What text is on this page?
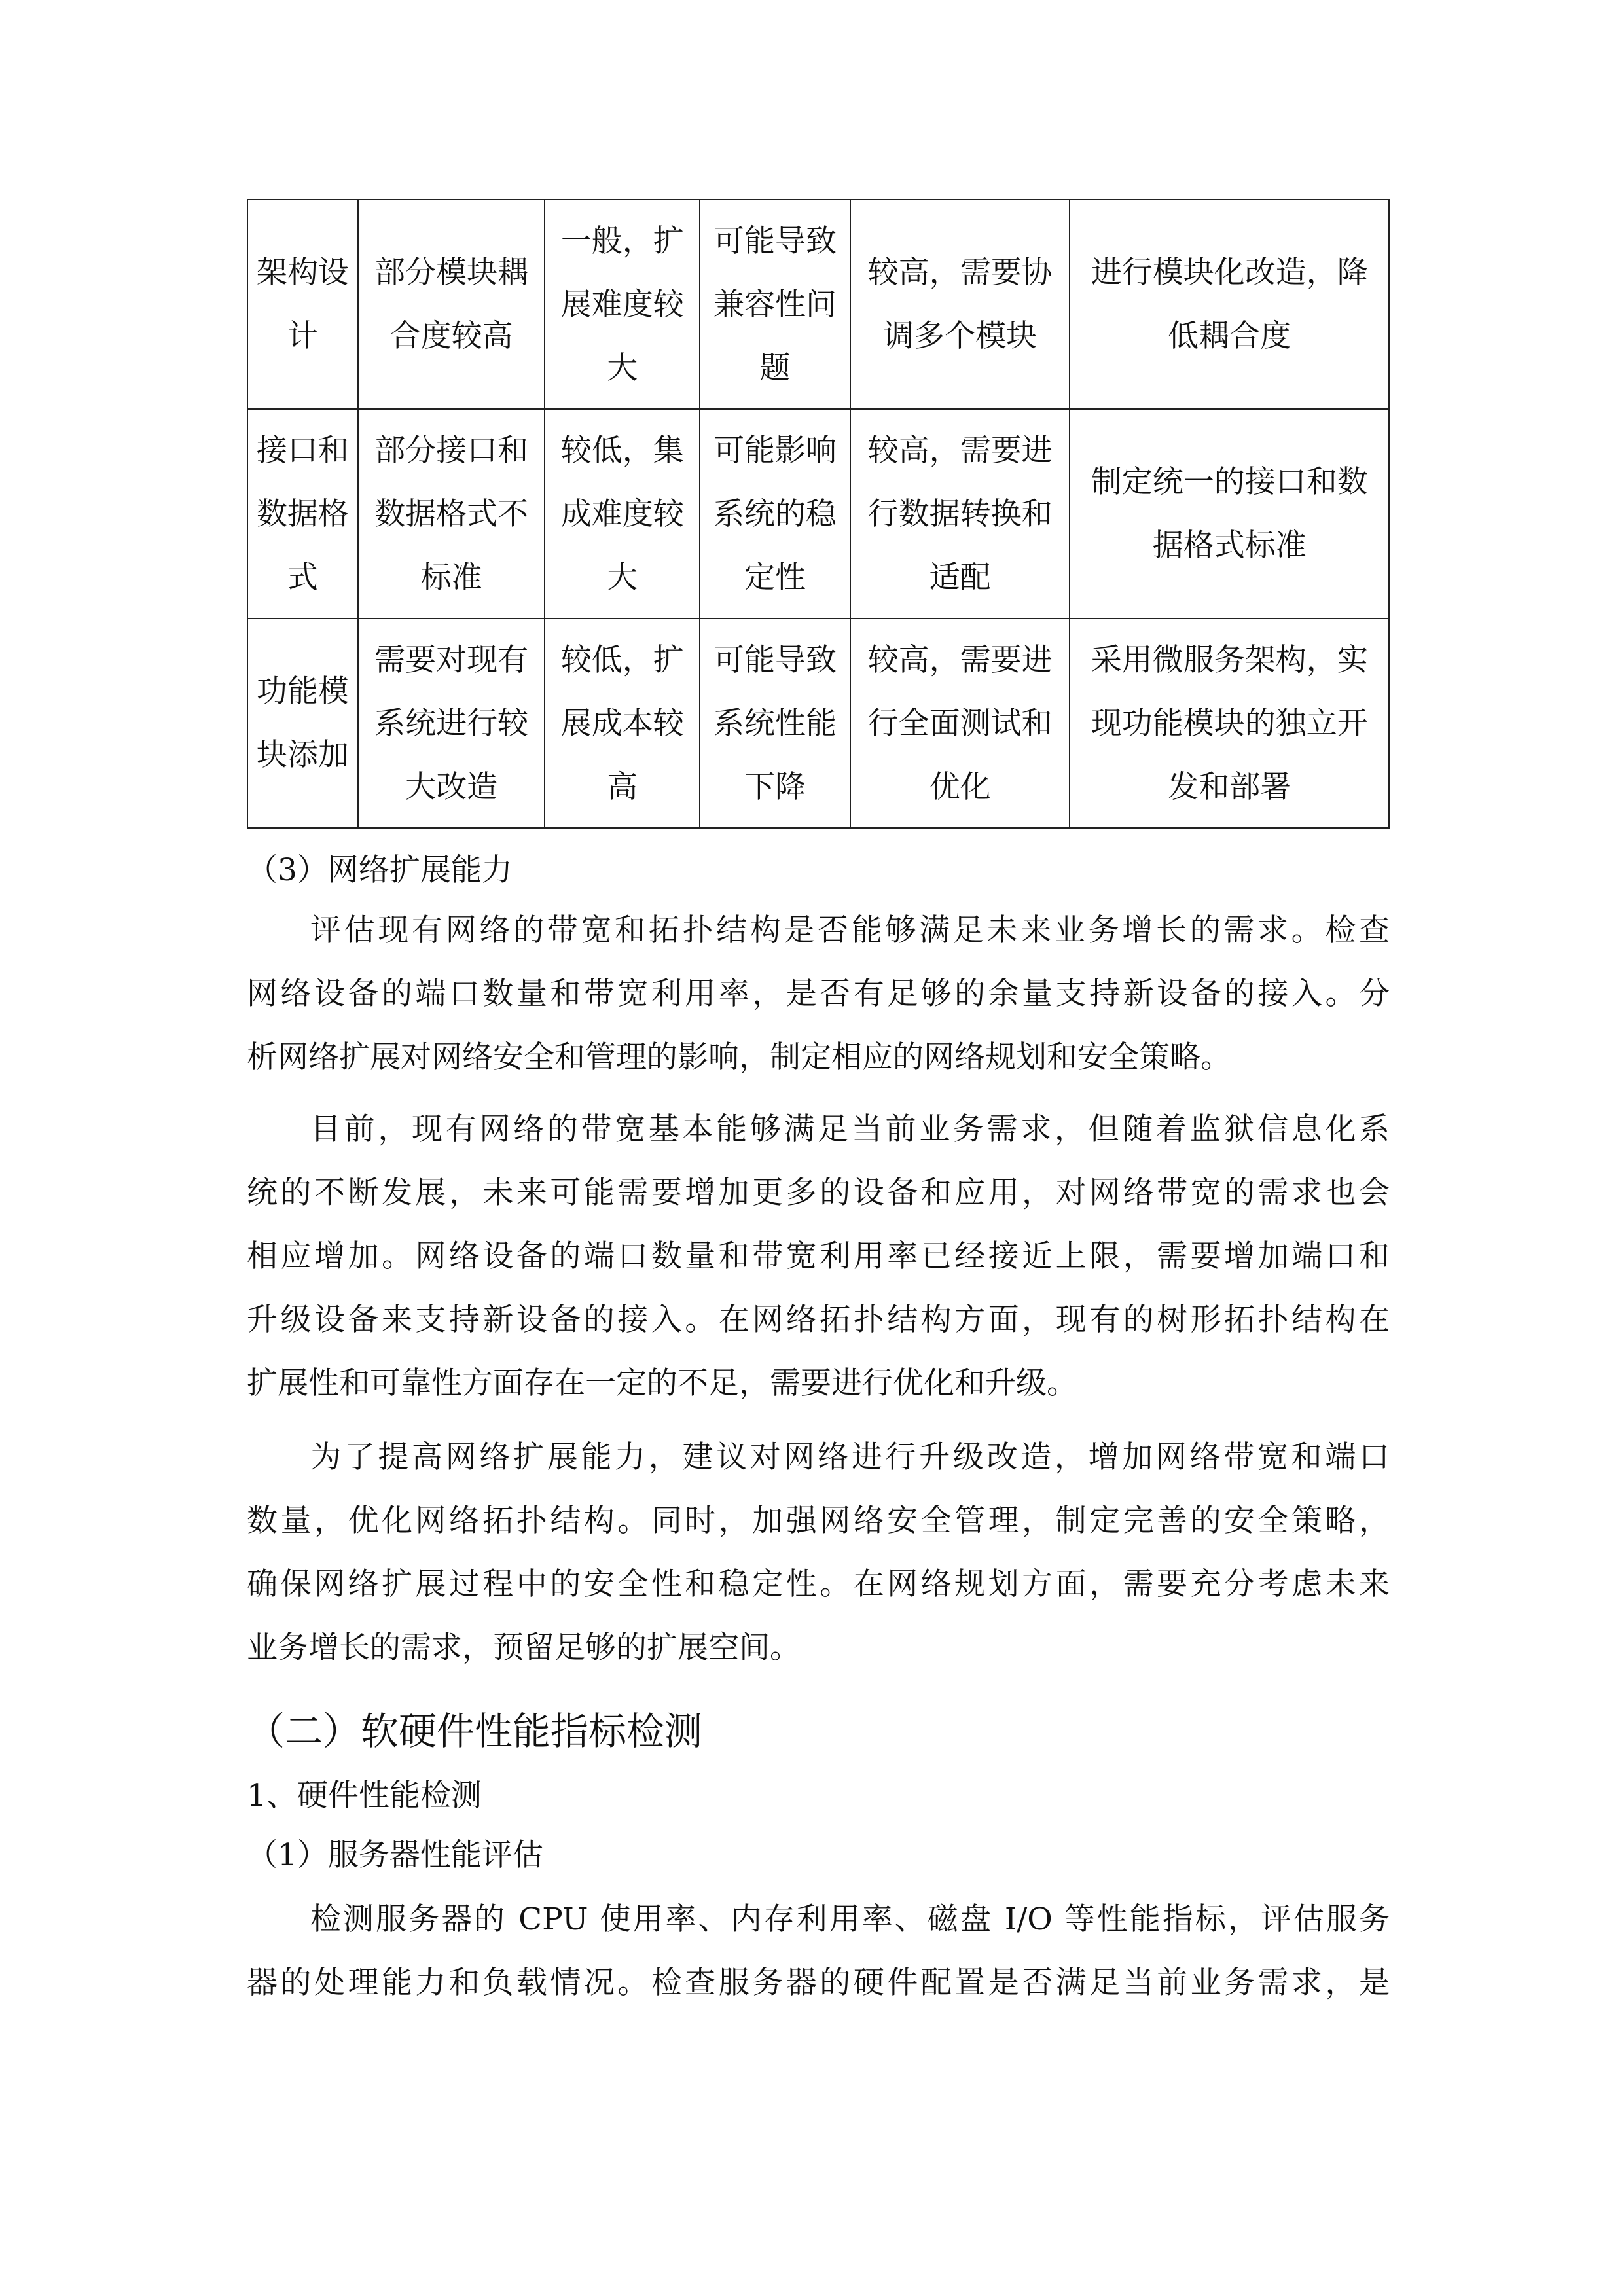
架构设
计	部分模块耦
合度较高	一般，扩
展难度较
大	可能导致
兼容性问
题	较高，需要协
调多个模块	进行模块化改造，降
低耦合度

接口和
数据格
式	部分接口和
数据格式不
标准	较低，集
成难度较
大	可能影响
系统的稳
定性	较高，需要进
行数据转换和
适配	制定统一的接口和数
据格式标准

功能模
块添加	需要对现有
系统进行较
大改造	较低，扩
展成本较
高	可能导致
系统性能
下降	较高，需要进
行全面测试和
优化	采用微服务架构，实
现功能模块的独立开
发和部署
（3）网络扩展能力
评估现有网络的带宽和拓扑结构是否能够满足未来业务增长的需求。检查
网络设备的端口数量和带宽利用率，是否有足够的余量支持新设备的接入。分
析网络扩展对网络安全和管理的影响，制定相应的网络规划和安全策略。
目前，现有网络的带宽基本能够满足当前业务需求，但随着监狱信息化系
统的不断发展，未来可能需要增加更多的设备和应用，对网络带宽的需求也会
相应增加。网络设备的端口数量和带宽利用率已经接近上限，需要增加端口和
升级设备来支持新设备的接入。在网络拓扑结构方面，现有的树形拓扑结构在
扩展性和可靠性方面存在一定的不足，需要进行优化和升级。
为了提高网络扩展能力，建议对网络进行升级改造，增加网络带宽和端口
数量，优化网络拓扑结构。同时，加强网络安全管理，制定完善的安全策略，
确保网络扩展过程中的安全性和稳定性。在网络规划方面，需要充分考虑未来
业务增长的需求，预留足够的扩展空间。
（二）软硬件性能指标检测
1、硬件性能检测
（1）服务器性能评估
检测服务器的 CPU 使用率、内存利用率、磁盘 I/O 等性能指标，评估服务
器的处理能力和负载情况。检查服务器的硬件配置是否满足当前业务需求，是
